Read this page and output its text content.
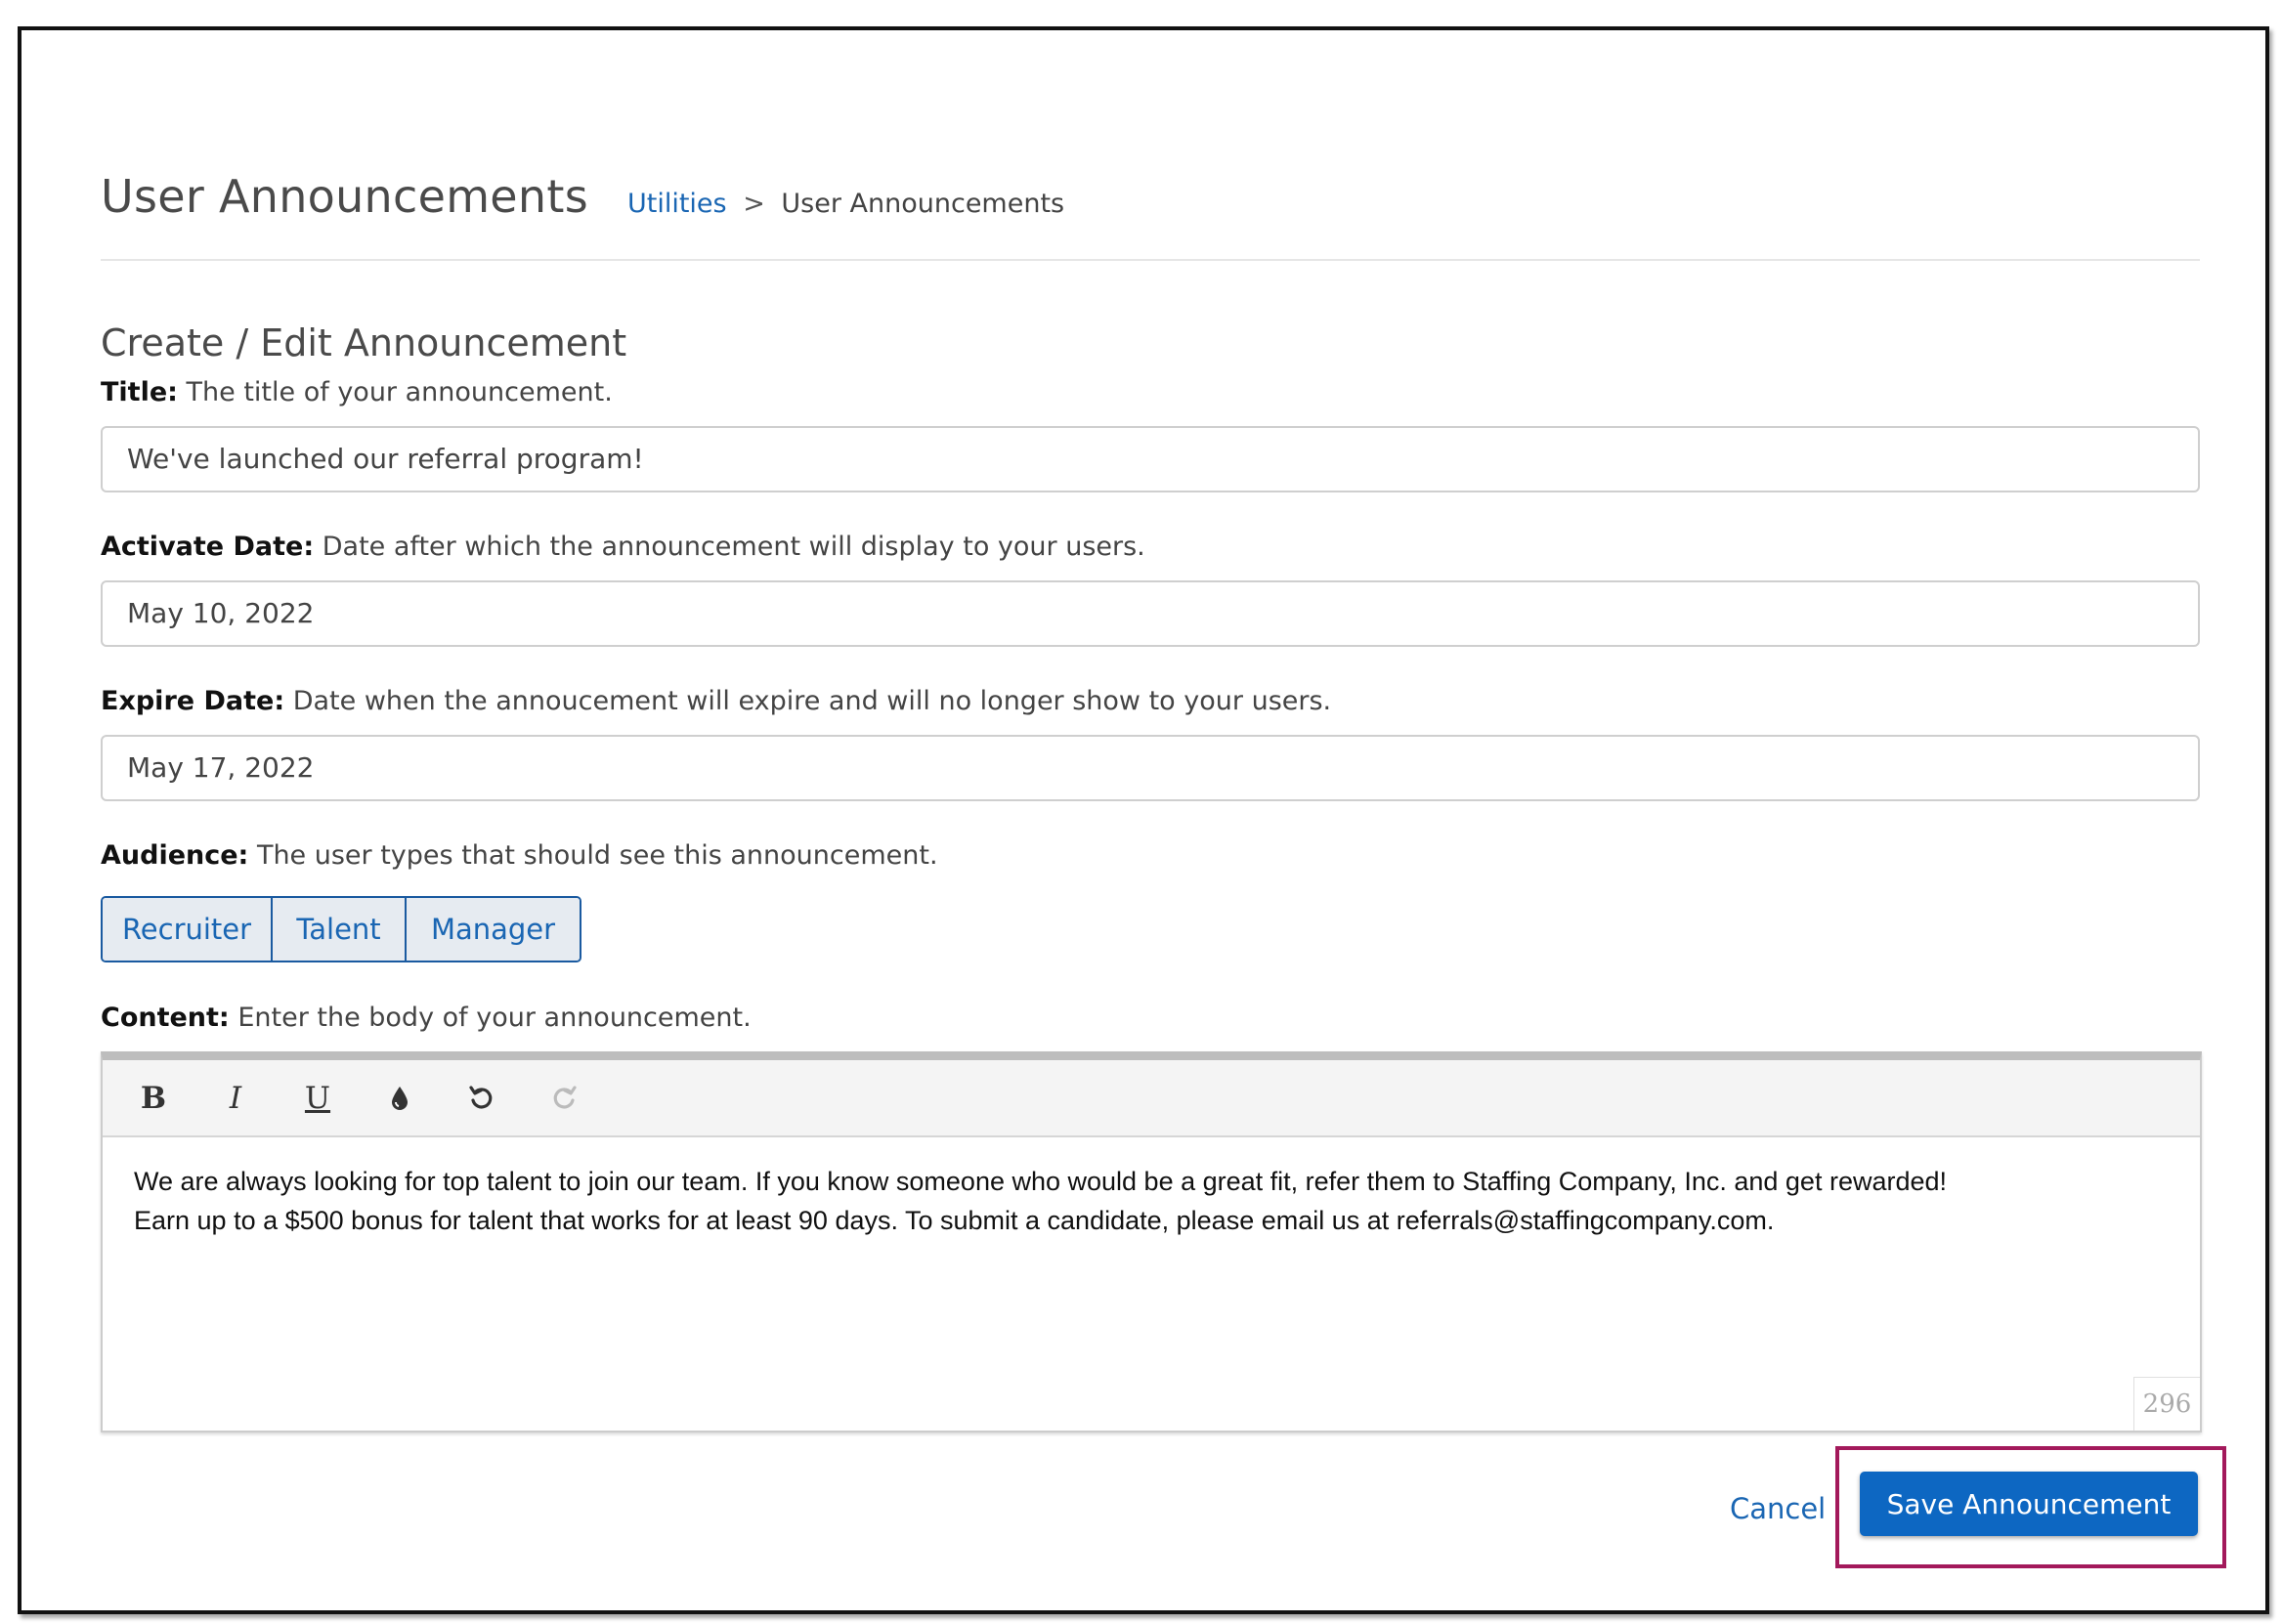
User Announcements Utilities > User Announcements
Create / Edit Announcement
Title: The title of your announcement.
We've launched our referral program!
Activate Date: Date after which the announcement will display to your users.
May 10, 2022
Expire Date: Date when the annoucement will expire and will no longer show to your users.
May 17, 2022
Audience: The user types that should see this announcement.
Recruiter	Talent	Manager
Content: Enter the body of your announcement.
B	I	U
We are always looking for top talent to join our team. If you know someone who would be a great fit, refer them to Staffing Company, Inc. and get rewarded!
Earn up to a $500 bonus for talent that works for at least 90 days. To submit a candidate, please email us at referrals@staffingcompany.com.
296
Cancel	Save Announcement
